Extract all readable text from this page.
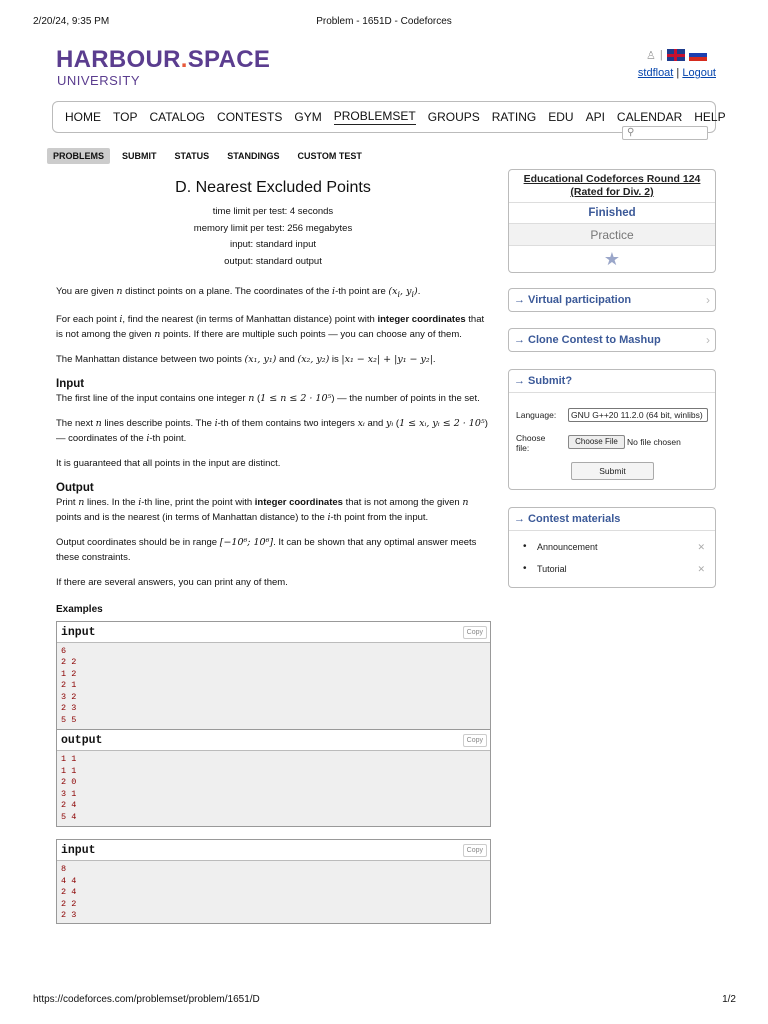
2/20/24, 9:35 PM	Problem - 1651D - Codeforces
https://codeforces.com/problemset/problem/1651/D	1/2
HARBOUR.SPACE
UNIVERSITY
♙ |
stdfloat | Logout
HOME TOP CATALOG CONTESTS GYM PROBLEMSET GROUPS RATING EDU API CALENDAR HELP
⚲
PROBLEMS	SUBMIT	STATUS	STANDINGS	CUSTOM TEST
D. Nearest Excluded Points
time limit per test: 4 seconds
memory limit per test: 256 megabytes
input: standard input
output: standard output
You are given n distinct points on a plane. The coordinates of the i-th point are ($x_i$, $y_i$).
For each point i, find the nearest (in terms of Manhattan distance) point with integer coordinates that is not among the given n points. If there are multiple such points — you can choose any of them.
The Manhattan distance between two points (x₁, y₁) and (x₂, y₂) is |x₁ − x₂| + |y₁ − y₂|.
Input
The first line of the input contains one integer n (1 ≤ n ≤ 2 · 10⁵) — the number of points in the set.
The next n lines describe points. The i-th of them contains two integers xᵢ and yᵢ (1 ≤ xᵢ, yᵢ ≤ 2 · 10⁵) — coordinates of the i-th point.
It is guaranteed that all points in the input are distinct.
Output
Print n lines. In the i-th line, print the point with integer coordinates that is not among the given n points and is the nearest (in terms of Manhattan distance) to the i-th point from the input.
Output coordinates should be in range [−10⁶; 10⁶]. It can be shown that any optimal answer meets these constraints.
If there are several answers, you can print any of them.
Examples
input	Copy
6
2 2
1 2
2 1
3 2
2 3
5 5
output	Copy
1 1
1 1
2 0
3 1
2 4
5 4
input	Copy
8
4 4
2 4
2 2
2 3
Educational Codeforces Round 124 (Rated for Div. 2)
Finished
Practice
★
→ Virtual participation	›
→ Clone Contest to Mashup	›
→ Submit?
Language:	GNU G++20 11.2.0 (64 bit, winlibs)
Choose file:
Choose File	No file chosen
Submit
→ Contest materials
• Announcement	✕
• Tutorial	✕
